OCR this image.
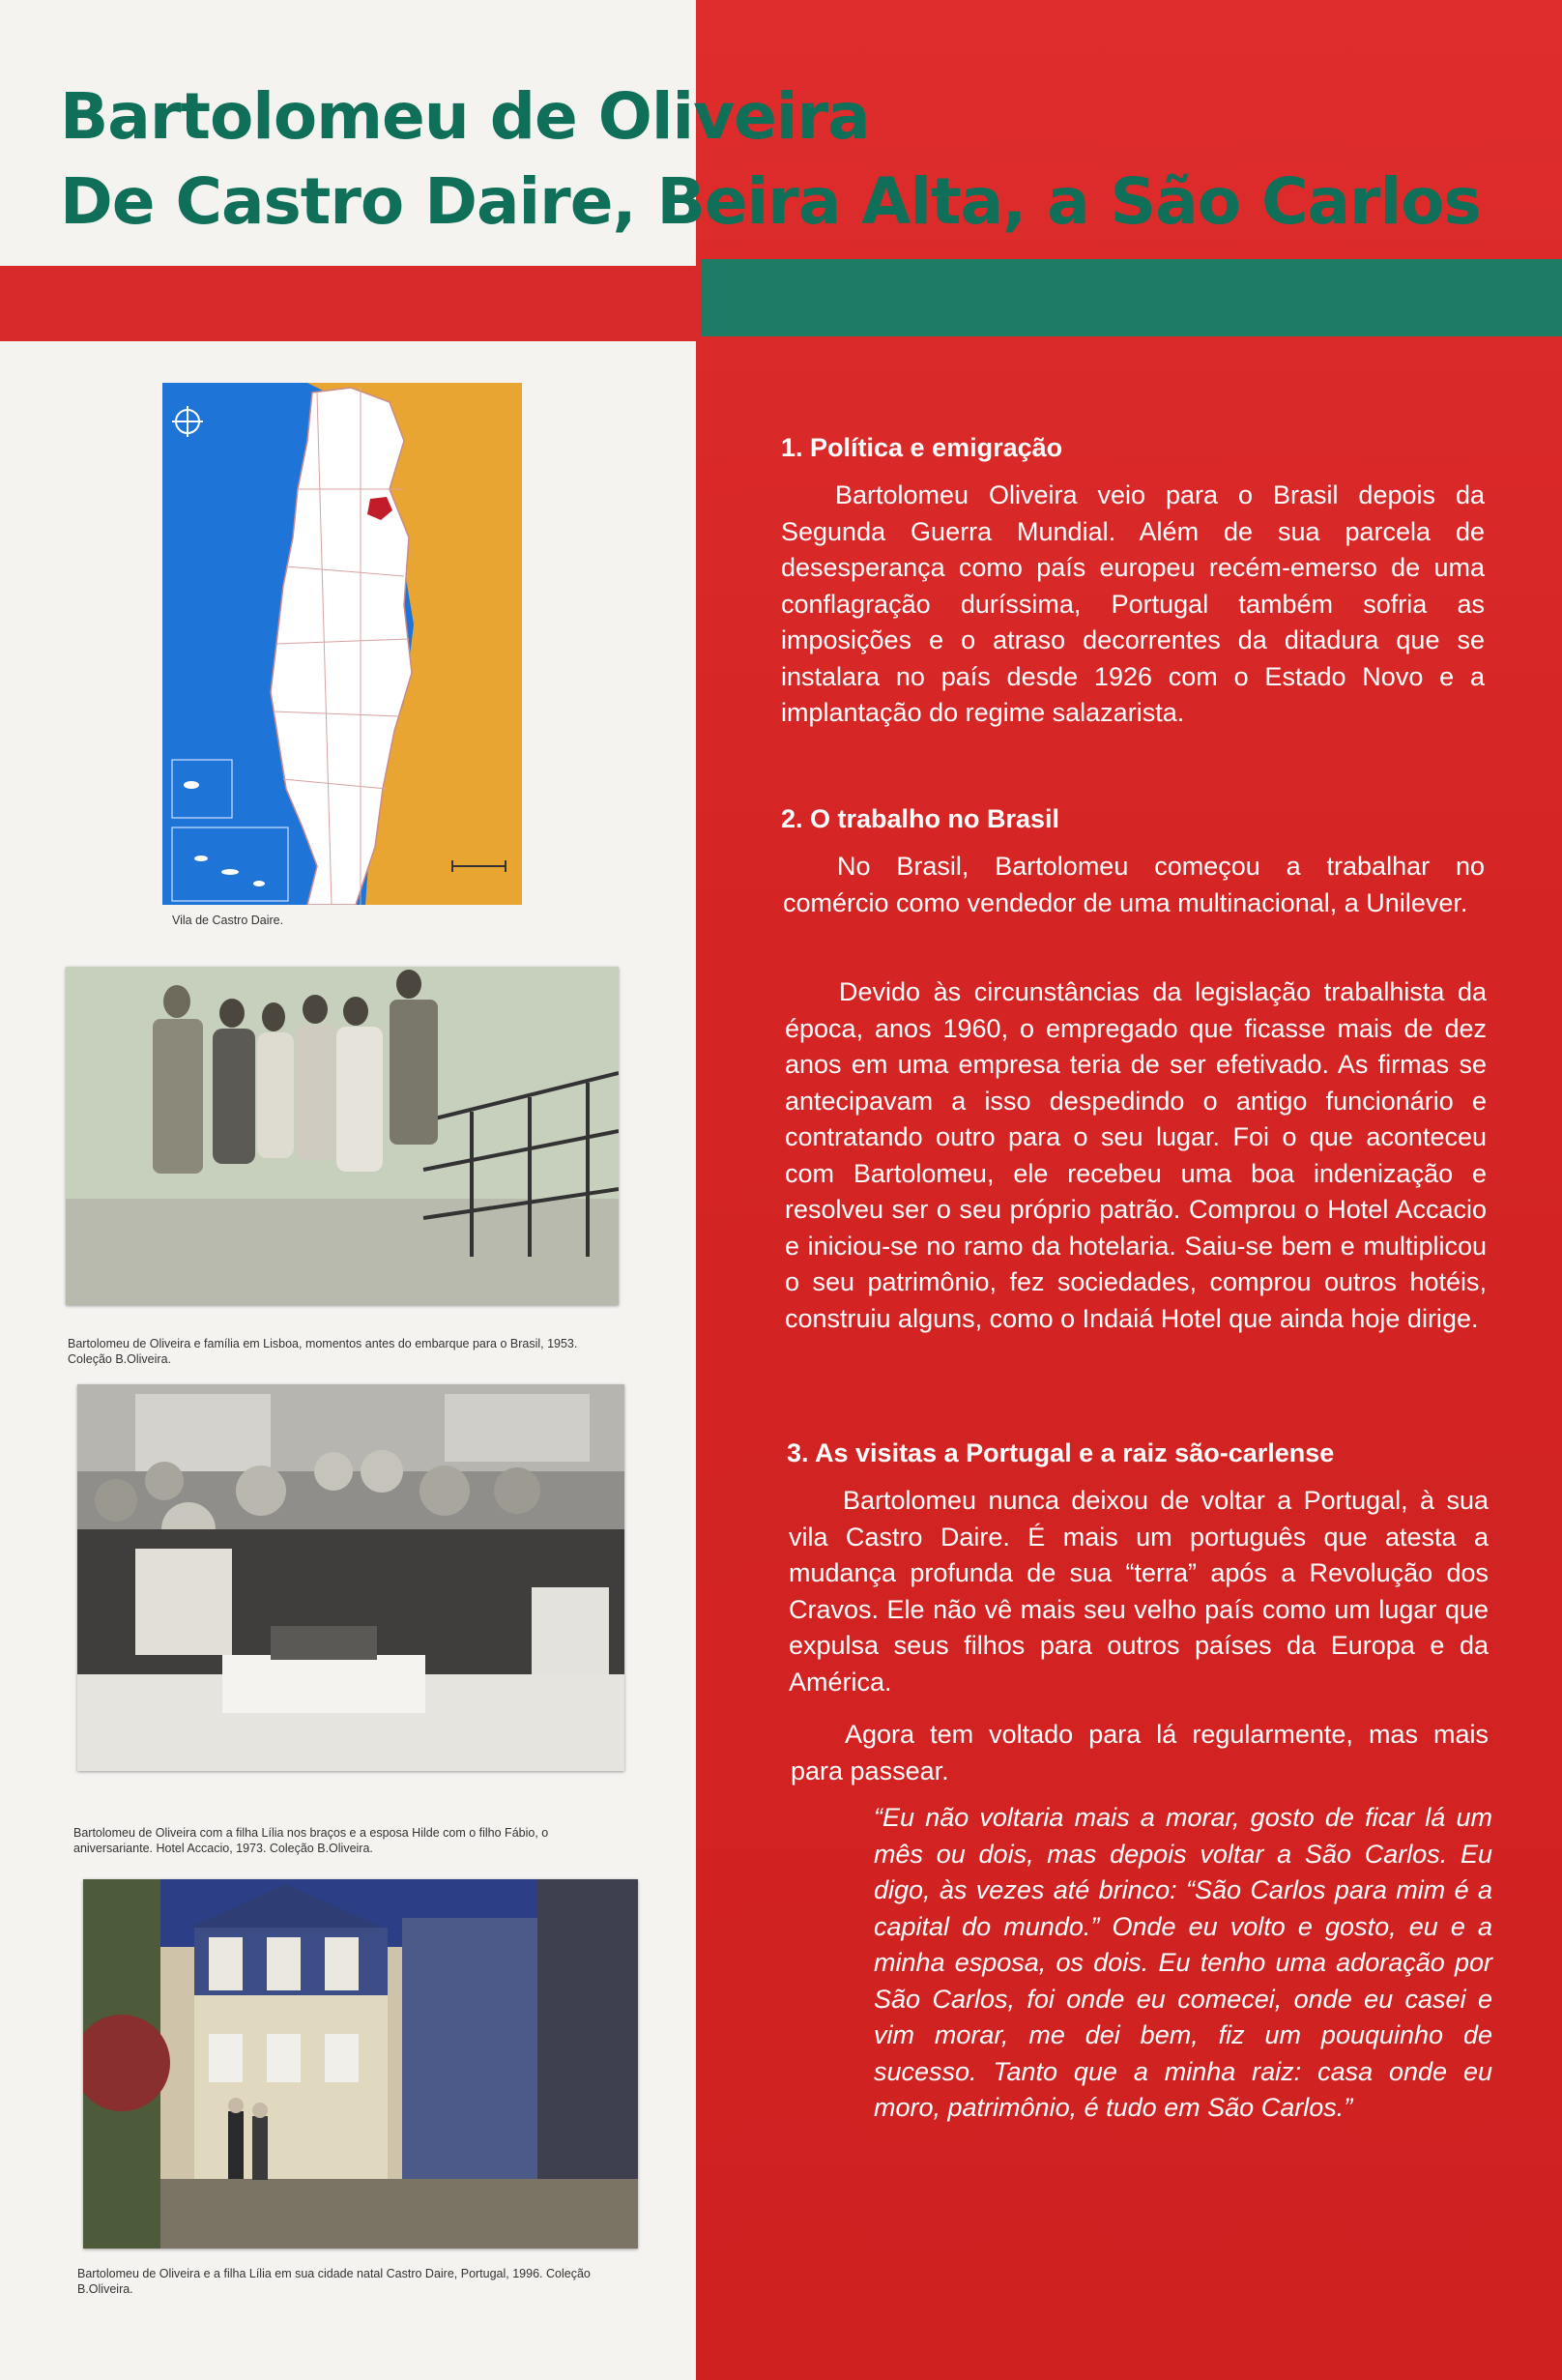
Bartolomeu de Oliveira
De Castro Daire, Beira Alta, a São Carlos

Vila de Castro Daire.

Bartolomeu de Oliveira e família em Lisboa, momentos antes do embarque para o Brasil, 1953. Coleção B.Oliveira.

Bartolomeu de Oliveira com a filha Lília nos braços e a esposa Hilde com o filho Fábio, o aniversariante. Hotel Accacio, 1973. Coleção B.Oliveira.

Bartolomeu de Oliveira e a filha Lília em sua cidade natal Castro Daire, Portugal, 1996. Coleção B.Oliveira.

1. Política e emigração

Bartolomeu Oliveira veio para o Brasil depois da Segunda Guerra Mundial. Além de sua parcela de desesperança como país europeu recém-emerso de uma conflagração duríssima, Portugal também sofria as imposições e o atraso decorrentes da ditadura que se instalara no país desde 1926 com o Estado Novo e a implantação do regime salazarista.

2. O trabalho no Brasil

No Brasil, Bartolomeu começou a trabalhar no comércio como vendedor de uma multinacional, a Unilever.

Devido às circunstâncias da legislação trabalhista da época, anos 1960, o empregado que ficasse mais de dez anos em uma empresa teria de ser efetivado. As firmas se antecipavam a isso despedindo o antigo funcionário e contratando outro para o seu lugar. Foi o que aconteceu com Bartolomeu, ele recebeu uma boa indenização e resolveu ser o seu próprio patrão. Comprou o Hotel Accacio e iniciou-se no ramo da hotelaria. Saiu-se bem e multiplicou o seu patrimônio, fez sociedades, comprou outros hotéis, construiu alguns, como o Indaiá Hotel que ainda hoje dirige.

3. As visitas a Portugal e a raiz são-carlense

Bartolomeu nunca deixou de voltar a Portugal, à sua vila Castro Daire. É mais um português que atesta a mudança profunda de sua “terra” após a Revolução dos Cravos. Ele não vê mais seu velho país como um lugar que expulsa seus filhos para outros países da Europa e da América.

Agora tem voltado para lá regularmente, mas mais para passear.

“Eu não voltaria mais a morar, gosto de ficar lá um mês ou dois, mas depois voltar a São Carlos. Eu digo, às vezes até brinco: “São Carlos para mim é a capital do mundo.” Onde eu volto e gosto, eu e a minha esposa, os dois. Eu tenho uma adoração por São Carlos, foi onde eu comecei, onde eu casei e vim morar, me dei bem, fiz um pouquinho de sucesso. Tanto que a minha raiz: casa onde eu moro, patrimônio, é tudo em São Carlos.”
